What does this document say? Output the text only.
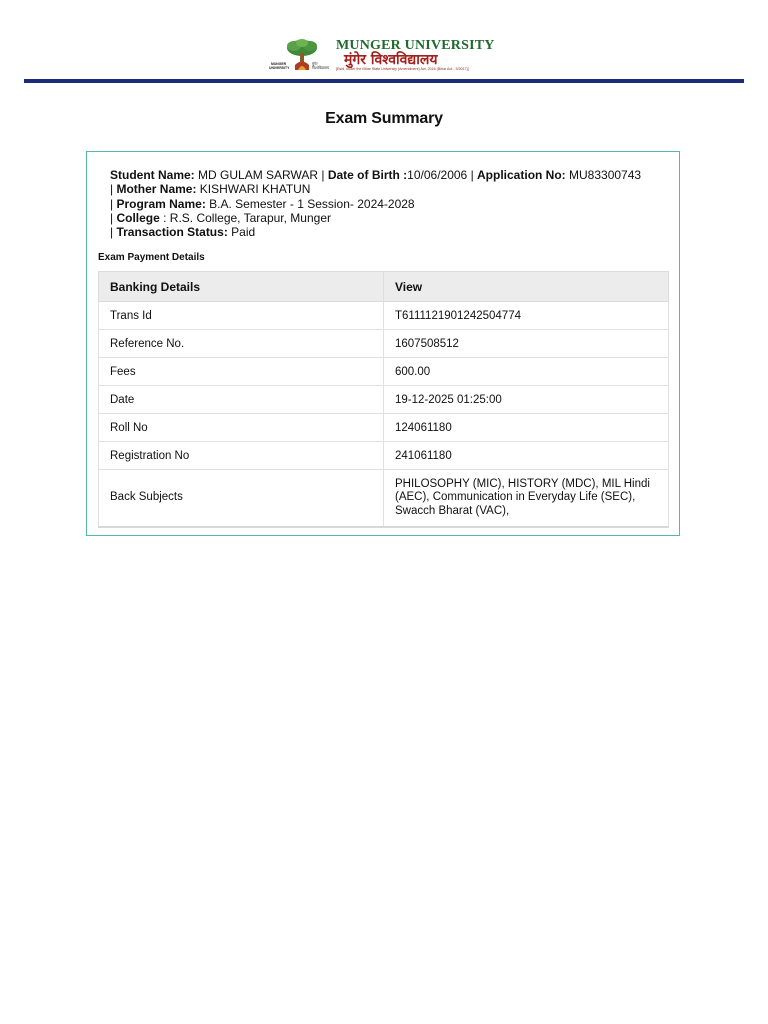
MUNGER
UNIVERSITY
मुंगेर
विश्वविद्यालय
MUNGER UNIVERSITY
मुंगेर विश्वविद्यालय
[Estd. under the Bihar State University (Amendment) Act, 2016 (Bihar Act - 3/2017)]
Exam Summary
Student Name: MD GULAM SARWAR | Date of Birth :10/06/2006 | Application No: MU83300743
| Mother Name: KISHWARI KHATUN
| Program Name: B.A. Semester - 1 Session- 2024-2028
| College : R.S. College, Tarapur, Munger
| Transaction Status: Paid
Exam Payment Details
Banking Details	View
Trans Id	T6111121901242504774
Reference No.	1607508512
Fees	600.00
Date	19-12-2025 01:25:00
Roll No	124061180
Registration No	241061180
Back Subjects	PHILOSOPHY (MIC), HISTORY (MDC), MIL Hindi (AEC), Communication in Everyday Life (SEC), Swacch Bharat (VAC),
